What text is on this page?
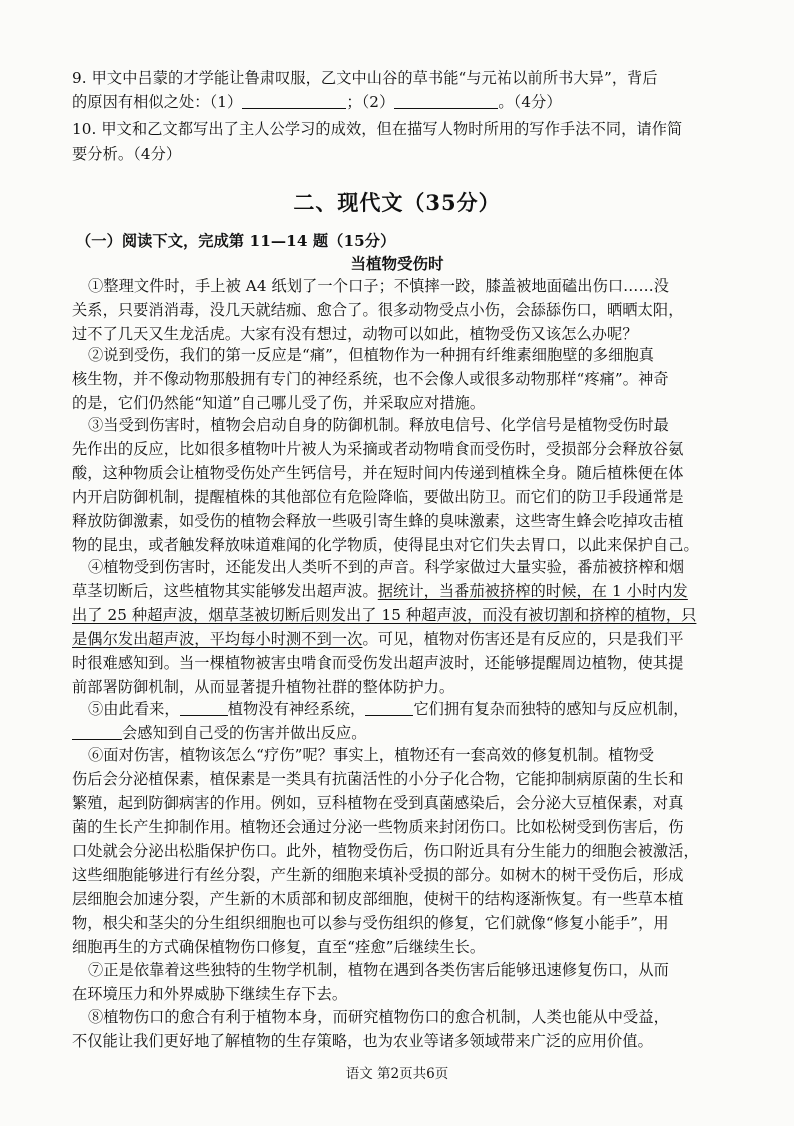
9. 甲文中吕蒙的才学能让鲁肃叹服，乙文中山谷的草书能“与元祐以前所书大异”，背后
的原因有相似之处：（1）	；（2）	。（4分）
10. 甲文和乙文都写出了主人公学习的成效，但在描写人物时所用的写作手法不同，请作简
要分析。（4分）
二、现代文（35分）
（一）阅读下文，完成第 11—14 题（15分）
当植物受伤时
①整理文件时，手上被 A4 纸划了一个口子；不慎摔一跤，膝盖被地面磕出伤口……没
关系，只要消消毒，没几天就结痂、愈合了。很多动物受点小伤，会舔舔伤口，晒晒太阳，
过不了几天又生龙活虎。大家有没有想过，动物可以如此，植物受伤又该怎么办呢？
②说到受伤，我们的第一反应是“痛”，但植物作为一种拥有纤维素细胞壁的多细胞真
核生物，并不像动物那般拥有专门的神经系统，也不会像人或很多动物那样“疼痛”。神奇
的是，它们仍然能“知道”自己哪儿受了伤，并采取应对措施。
③当受到伤害时，植物会启动自身的防御机制。释放电信号、化学信号是植物受伤时最
先作出的反应，比如很多植物叶片被人为采摘或者动物啃食而受伤时，受损部分会释放谷氨
酸，这种物质会让植物受伤处产生钙信号，并在短时间内传递到植株全身。随后植株便在体
内开启防御机制，提醒植株的其他部位有危险降临，要做出防卫。而它们的防卫手段通常是
释放防御激素，如受伤的植物会释放一些吸引寄生蜂的臭味激素，这些寄生蜂会吃掉攻击植
物的昆虫，或者触发释放味道难闻的化学物质，使得昆虫对它们失去胃口，以此来保护自己。
④植物受到伤害时，还能发出人类听不到的声音。科学家做过大量实验，番茄被挤榨和烟
草茎切断后，这些植物其实能够发出超声波。据统计，当番茄被挤榨的时候，在 1 小时内发
出了 25 种超声波，烟草茎被切断后则发出了 15 种超声波，而没有被切割和挤榨的植物，只
是偶尔发出超声波，平均每小时测不到一次。可见，植物对伤害还是有反应的，只是我们平
时很难感知到。当一棵植物被害虫啃食而受伤发出超声波时，还能够提醒周边植物，使其提
前部署防御机制，从而显著提升植物社群的整体防护力。
⑤由此看来，	植物没有神经系统，	它们拥有复杂而独特的感知与反应机制，
会感知到自己受的伤害并做出反应。
⑥面对伤害，植物该怎么“疗伤”呢？事实上，植物还有一套高效的修复机制。植物受
伤后会分泌植保素，植保素是一类具有抗菌活性的小分子化合物，它能抑制病原菌的生长和
繁殖，起到防御病害的作用。例如，豆科植物在受到真菌感染后，会分泌大豆植保素，对真
菌的生长产生抑制作用。植物还会通过分泌一些物质来封闭伤口。比如松树受到伤害后，伤
口处就会分泌出松脂保护伤口。此外，植物受伤后，伤口附近具有分生能力的细胞会被激活，
这些细胞能够进行有丝分裂，产生新的细胞来填补受损的部分。如树木的树干受伤后，形成
层细胞会加速分裂，产生新的木质部和韧皮部细胞，使树干的结构逐渐恢复。有一些草本植
物，根尖和茎尖的分生组织细胞也可以参与受伤组织的修复，它们就像“修复小能手”，用
细胞再生的方式确保植物伤口修复，直至“痊愈”后继续生长。
⑦正是依靠着这些独特的生物学机制，植物在遇到各类伤害后能够迅速修复伤口，从而
在环境压力和外界威胁下继续生存下去。
⑧植物伤口的愈合有利于植物本身，而研究植物伤口的愈合机制，人类也能从中受益，
不仅能让我们更好地了解植物的生存策略，也为农业等诸多领域带来广泛的应用价值。
语文 第2页共6页
